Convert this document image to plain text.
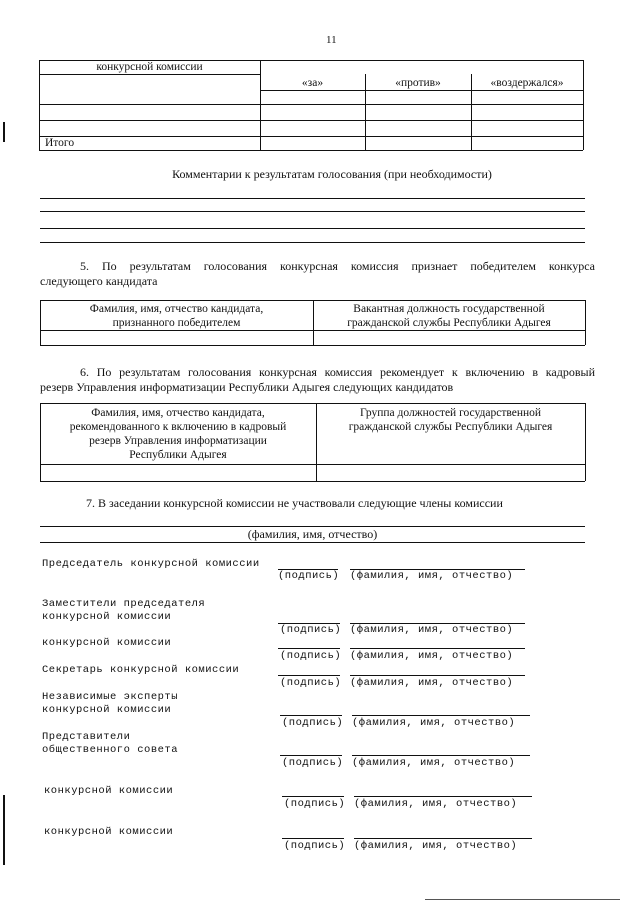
11
конкурсной комиссии
«за»	«против»	«воздержался»
Итого
Комментарии к результатам голосования (при необходимости)
5. По результатам голосования конкурсная комиссия признает победителем конкурса
следующего кандидата
Фамилия, имя, отчество кандидата,
признанного победителем
Вакантная должность государственной
гражданской службы Республики Адыгея
6. По результатам голосования конкурсная комиссия рекомендует к включению в кадровый
резерв Управления информатизации Республики Адыгея следующих кандидатов
Фамилия, имя, отчество кандидата,
рекомендованного к включению в кадровый
резерв Управления информатизации
Республики Адыгея
Группа должностей государственной
гражданской службы Республики Адыгея
7. В заседании конкурсной комиссии не участвовали следующие члены комиссии
(фамилия, имя, отчество)
Председатель конкурсной комиссии
(подпись) (фамилия, имя, отчество)
Заместители председателя
конкурсной комиссии
(подпись) (фамилия, имя, отчество)
конкурсной комиссии
(подпись) (фамилия, имя, отчество)
Секретарь конкурсной комиссии
(подпись) (фамилия, имя, отчество)
Независимые эксперты
конкурсной комиссии
(подпись) (фамилия, имя, отчество)
Представители
общественного совета
(подпись) (фамилия, имя, отчество)
конкурсной комиссии
(подпись) (фамилия, имя, отчество)
конкурсной комиссии
(подпись) (фамилия, имя, отчество)
